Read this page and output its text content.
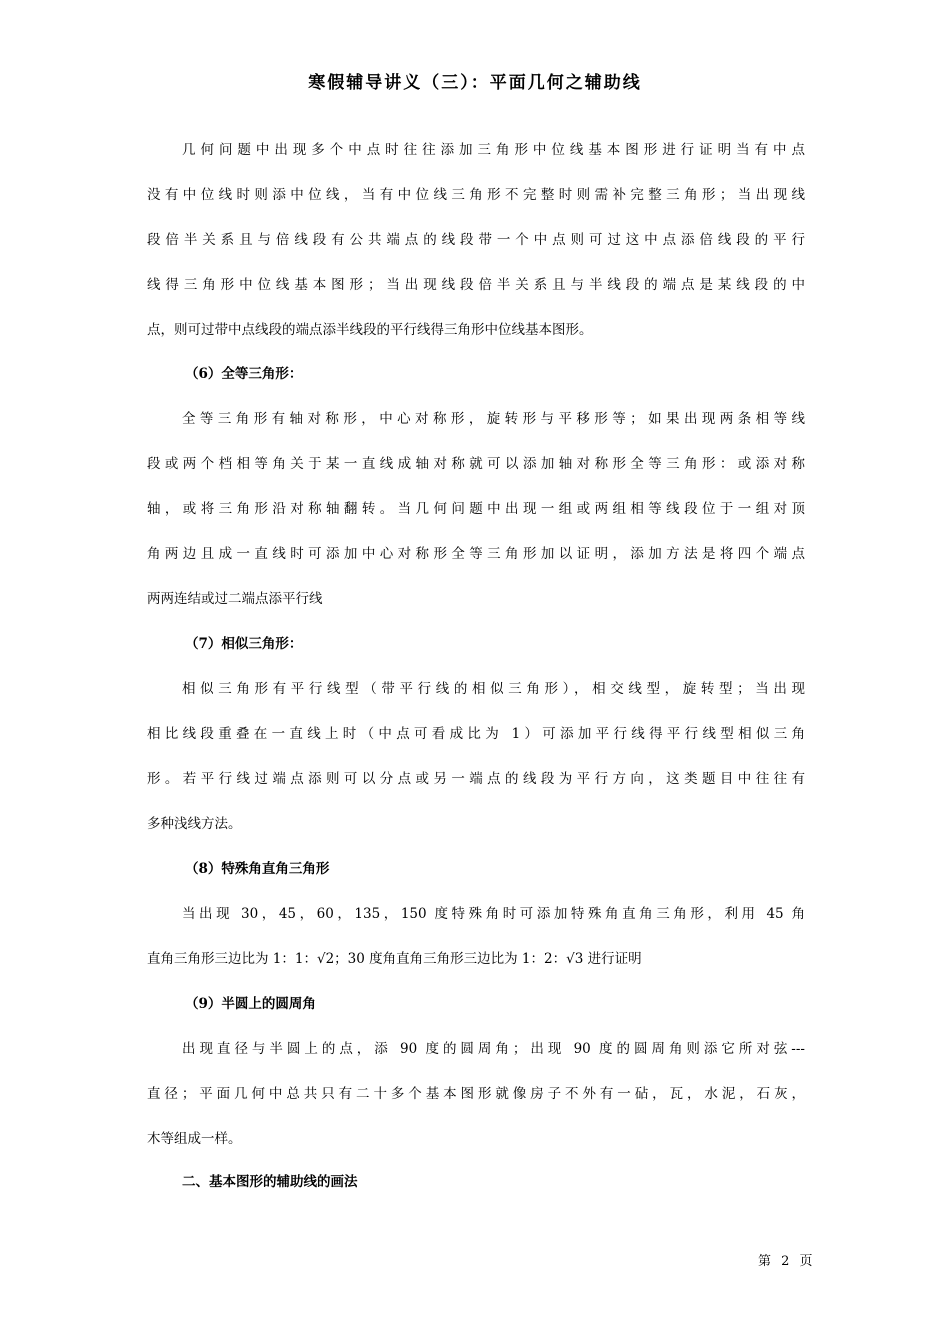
寒假辅导讲义（三）：平面几何之辅助线
几何问题中出现多个中点时往往添加三角形中位线基本图形进行证明当有中点
没有中位线时则添中位线，当有中位线三角形不完整时则需补完整三角形；当出现线
段倍半关系且与倍线段有公共端点的线段带一个中点则可过这中点添倍线段的平行
线得三角形中位线基本图形；当出现线段倍半关系且与半线段的端点是某线段的中
点，则可过带中点线段的端点添半线段的平行线得三角形中位线基本图形。
（6）全等三角形：
全等三角形有轴对称形，中心对称形，旋转形与平移形等；如果出现两条相等线
段或两个档相等角关于某一直线成轴对称就可以添加轴对称形全等三角形：或添对称
轴，或将三角形沿对称轴翻转。当几何问题中出现一组或两组相等线段位于一组对顶
角两边且成一直线时可添加中心对称形全等三角形加以证明，添加方法是将四个端点
两两连结或过二端点添平行线
（7）相似三角形：
相似三角形有平行线型（带平行线的相似三角形），相交线型，旋转型；当出现
相比线段重叠在一直线上时（中点可看成比为 1）可添加平行线得平行线型相似三角
形。若平行线过端点添则可以分点或另一端点的线段为平行方向，这类题目中往往有
多种浅线方法。
（8）特殊角直角三角形
当出现 30，45，60，135，150 度特殊角时可添加特殊角直角三角形，利用 45 角
直角三角形三边比为 1：1：√2；30 度角直角三角形三边比为 1：2：√3 进行证明
（9）半圆上的圆周角
出现直径与半圆上的点，添 90 度的圆周角；出现 90 度的圆周角则添它所对弦---
直径；平面几何中总共只有二十多个基本图形就像房子不外有一砧，瓦，水泥，石灰，
木等组成一样。
二、基本图形的辅助线的画法
第 2 页
